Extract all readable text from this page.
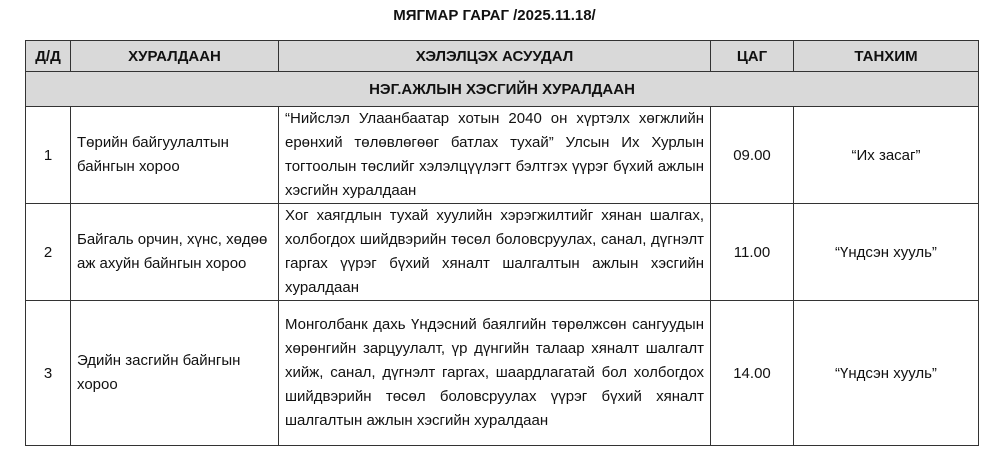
МЯГМАР ГАРАГ /2025.11.18/
Д/Д	ХУРАЛДААН	ХЭЛЭЛЦЭХ АСУУДАЛ	ЦАГ	ТАНХИМ
НЭГ.АЖЛЫН ХЭСГИЙН ХУРАЛДААН				
1	Төрийн байгуулалтын байнгын хороо	“Нийслэл Улаанбаатар хотын 2040 он хүртэлх хөгжлийн ерөнхий төлөвлөгөөг батлах тухай” Улсын Их Хурлын тогтоолын төслийг хэлэлцүүлэгт бэлтгэх үүрэг бүхий ажлын хэсгийн хуралдаан	09.00	“Их засаг”
2	Байгаль орчин, хүнс, хөдөө аж ахуйн байнгын хороо	Хог хаягдлын тухай хуулийн хэрэгжилтийг хянан шалгах, холбогдох шийдвэрийн төсөл боловсруулах, санал, дүгнэлт гаргах үүрэг бүхий хяналт шалгалтын ажлын хэсгийн хуралдаан	11.00	“Үндсэн хууль”
3	Эдийн засгийн байнгын хороо	Монголбанк дахь Үндэсний баялгийн төрөлжсөн сангуудын хөрөнгийн зарцуулалт, үр дүнгийн талаар хяналт шалгалт хийж, санал, дүгнэлт гаргах, шаардлагатай бол холбогдох шийдвэрийн төсөл боловсруулах үүрэг бүхий хяналт шалгалтын ажлын хэсгийн хуралдаан	14.00	“Үндсэн хууль”
